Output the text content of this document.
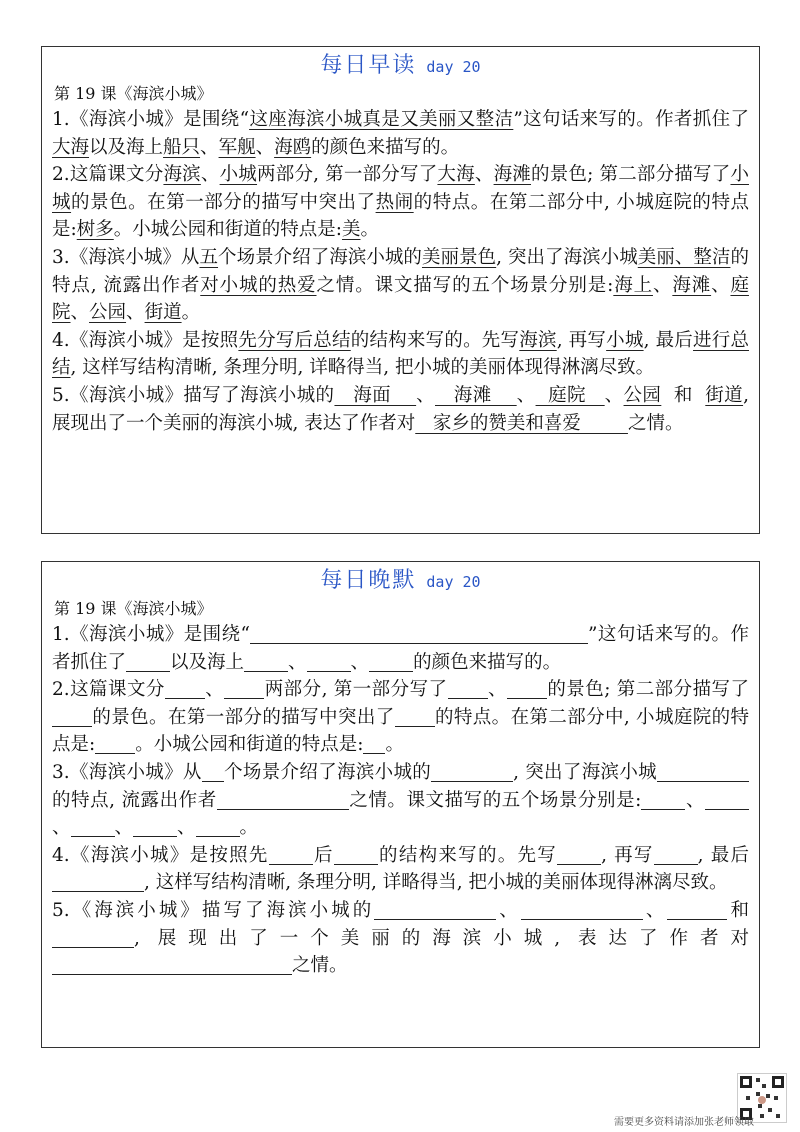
每日早读 day 20
第 19 课《海滨小城》

1.《海滨小城》是围绕“这座海滨小城真是又美丽又整洁”这句话来写的。作者抓住了大海以及海上船只、军舰、海鸥的颜色来描写的。

2.这篇课文分海滨、小城两部分, 第一部分写了大海、海滩的景色; 第二部分描写了小城的景色。在第一部分的描写中突出了热闹的特点。在第二部分中, 小城庭院的特点是:树多。小城公园和街道的特点是:美。

3.《海滨小城》从五个场景介绍了海滨小城的美丽景色, 突出了海滨小城美丽、整洁的特点, 流露出作者对小城的热爱之情。课文描写的五个场景分别是:海上、海滩、庭院、公园、街道。

4.《海滨小城》是按照先分写后总结的结构来写的。先写海滨, 再写小城, 最后进行总结, 这样写结构清晰, 条理分明, 详略得当, 把小城的美丽体现得淋漓尽致。

5.《海滨小城》描写了海滨小城的   海面    、   海滩    、  庭院   、公园  和  街道, 展现出了一个美丽的海滨小城, 表达了作者对   家乡的赞美和喜爱        之情。

每日晚默 day 20
第 19 课《海滨小城》

1.《海滨小城》是围绕“	”这句话来写的。作者抓住了 以及海上 、 、 的颜色来描写的。

2.这篇课文分 、 两部分, 第一部分写了 、 的景色; 第二部分描写了的景色。在第一部分的描写中突出了 的特点。在第二部分中, 小城庭院的特点是: 。小城公园和街道的特点是: 。

3.《海滨小城》从 个场景介绍了海滨小城的	, 突出了海滨小城的特点, 流露出作者	之情。课文描写的五个场景分别是: 、、 、 、 。

4.《海滨小城》是按照先 后 的结构来写的。先写 , 再写 , 最后, 这样写结构清晰, 条理分明, 详略得当, 把小城的美丽体现得淋漓尽致。

5.《海滨小城》描写了海滨小城的	、	、	和, 展现出了一个美丽的海滨小城, 表达了作者对之情。

需要更多资料请添加张老师领取
